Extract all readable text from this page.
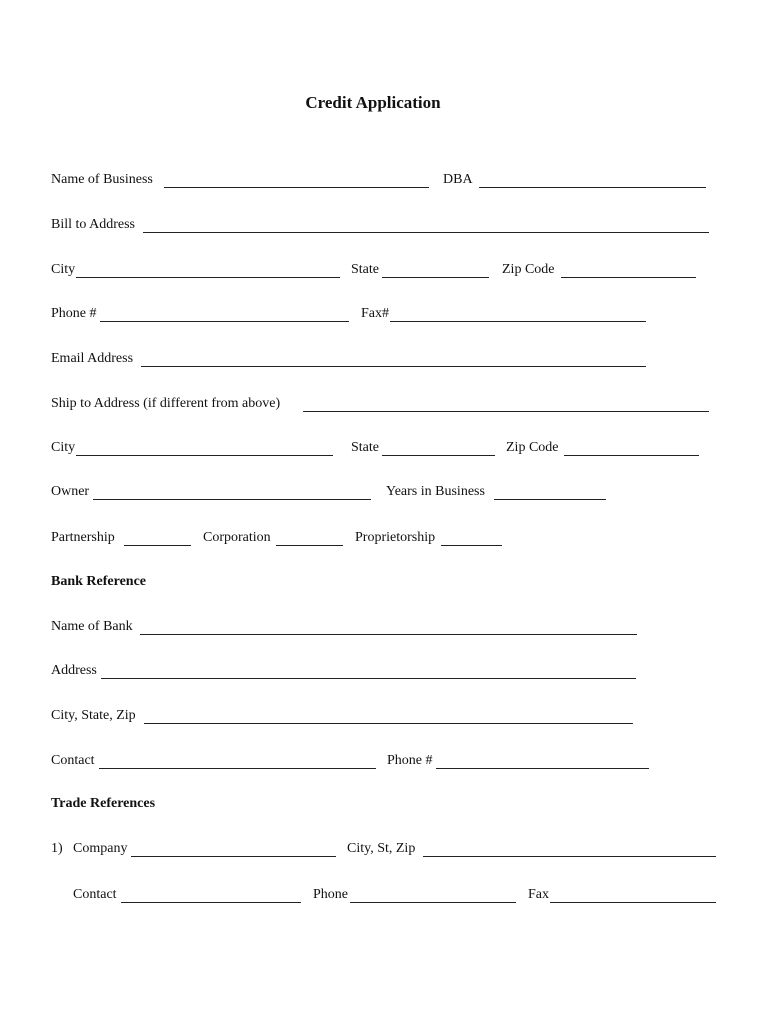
Credit Application
Name of Business	DBA
Bill to Address
City	State	Zip Code
Phone #	Fax#
Email Address
Ship to Address (if different from above)
City	State	Zip Code
Owner	Years in Business
Partnership	Corporation	Proprietorship
Bank Reference
Name of Bank
Address
City, State, Zip
Contact	Phone #
Trade References
1) Company	City, St, Zip
Contact	Phone	Fax
